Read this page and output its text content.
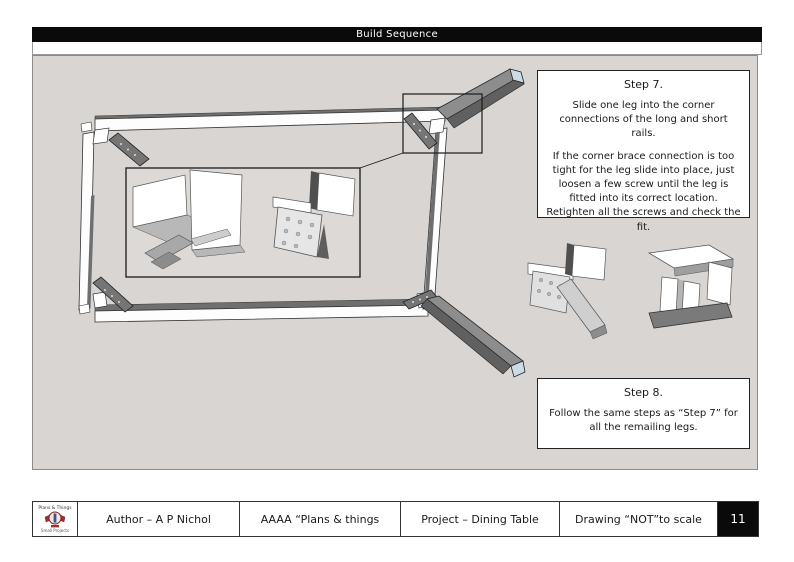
Build Sequence

Step 7.

Slide one leg into the corner connections of the long and short rails.

If the corner brace connection is too tight for the leg slide into place, just loosen a few screw until the leg is fitted into its correct location. Retighten all the screws and check the fit.

Step 8.

Follow the same steps as “Step 7” for all the remailing legs.

Plans & Things
Small Projects
Author – A P Nichol	AAAA “Plans & things	Project – Dining Table	Drawing “NOT”to scale	11
